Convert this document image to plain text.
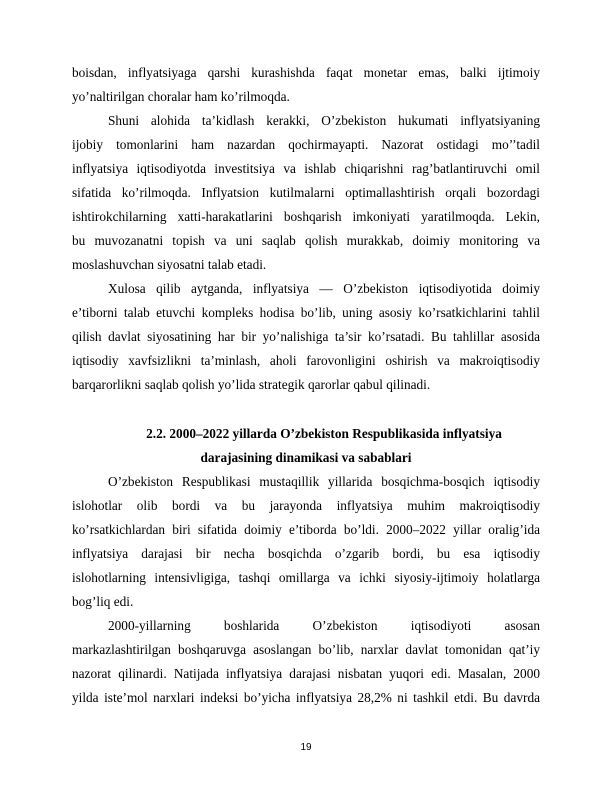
boisdan, inflyatsiyaga qarshi kurashishda faqat monetar emas, balki ijtimoiy
yo’naltirilgan choralar ham ko’rilmoqda.
Shuni alohida ta’kidlash kerakki, O’zbekiston hukumati inflyatsiyaning
ijobiy tomonlarini ham nazardan qochirmayapti. Nazorat ostidagi mo’’tadil
inflyatsiya iqtisodiyotda investitsiya va ishlab chiqarishni rag’batlantiruvchi omil
sifatida ko’rilmoqda. Inflyatsion kutilmalarni optimallashtirish orqali bozordagi
ishtirokchilarning xatti-harakatlarini boshqarish imkoniyati yaratilmoqda. Lekin,
bu muvozanatni topish va uni saqlab qolish murakkab, doimiy monitoring va
moslashuvchan siyosatni talab etadi.
Xulosa qilib aytganda, inflyatsiya — O’zbekiston iqtisodiyotida doimiy
e’tiborni talab etuvchi kompleks hodisa bo’lib, uning asosiy ko’rsatkichlarini tahlil
qilish davlat siyosatining har bir yo’nalishiga ta’sir ko’rsatadi. Bu tahlillar asosida
iqtisodiy xavfsizlikni ta’minlash, aholi farovonligini oshirish va makroiqtisodiy
barqarorlikni saqlab qolish yo’lida strategik qarorlar qabul qilinadi.
2.2. 2000–2022 yillarda O’zbekiston Respublikasida inflyatsiya
darajasining dinamikasi va sabablari
O’zbekiston Respublikasi mustaqillik yillarida bosqichma-bosqich iqtisodiy
islohotlar olib bordi va bu jarayonda inflyatsiya muhim makroiqtisodiy
ko’rsatkichlardan biri sifatida doimiy e’tiborda bo’ldi. 2000–2022 yillar oralig’ida
inflyatsiya darajasi bir necha bosqichda o’zgarib bordi, bu esa iqtisodiy
islohotlarning intensivligiga, tashqi omillarga va ichki siyosiy-ijtimoiy holatlarga
bog’liq edi.
2000-yillarning boshlarida O’zbekiston iqtisodiyoti asosan
markazlashtirilgan boshqaruvga asoslangan bo’lib, narxlar davlat tomonidan qat’iy
nazorat qilinardi. Natijada inflyatsiya darajasi nisbatan yuqori edi. Masalan, 2000
yilda iste’mol narxlari indeksi bo’yicha inflyatsiya 28,2% ni tashkil etdi. Bu davrda
19
